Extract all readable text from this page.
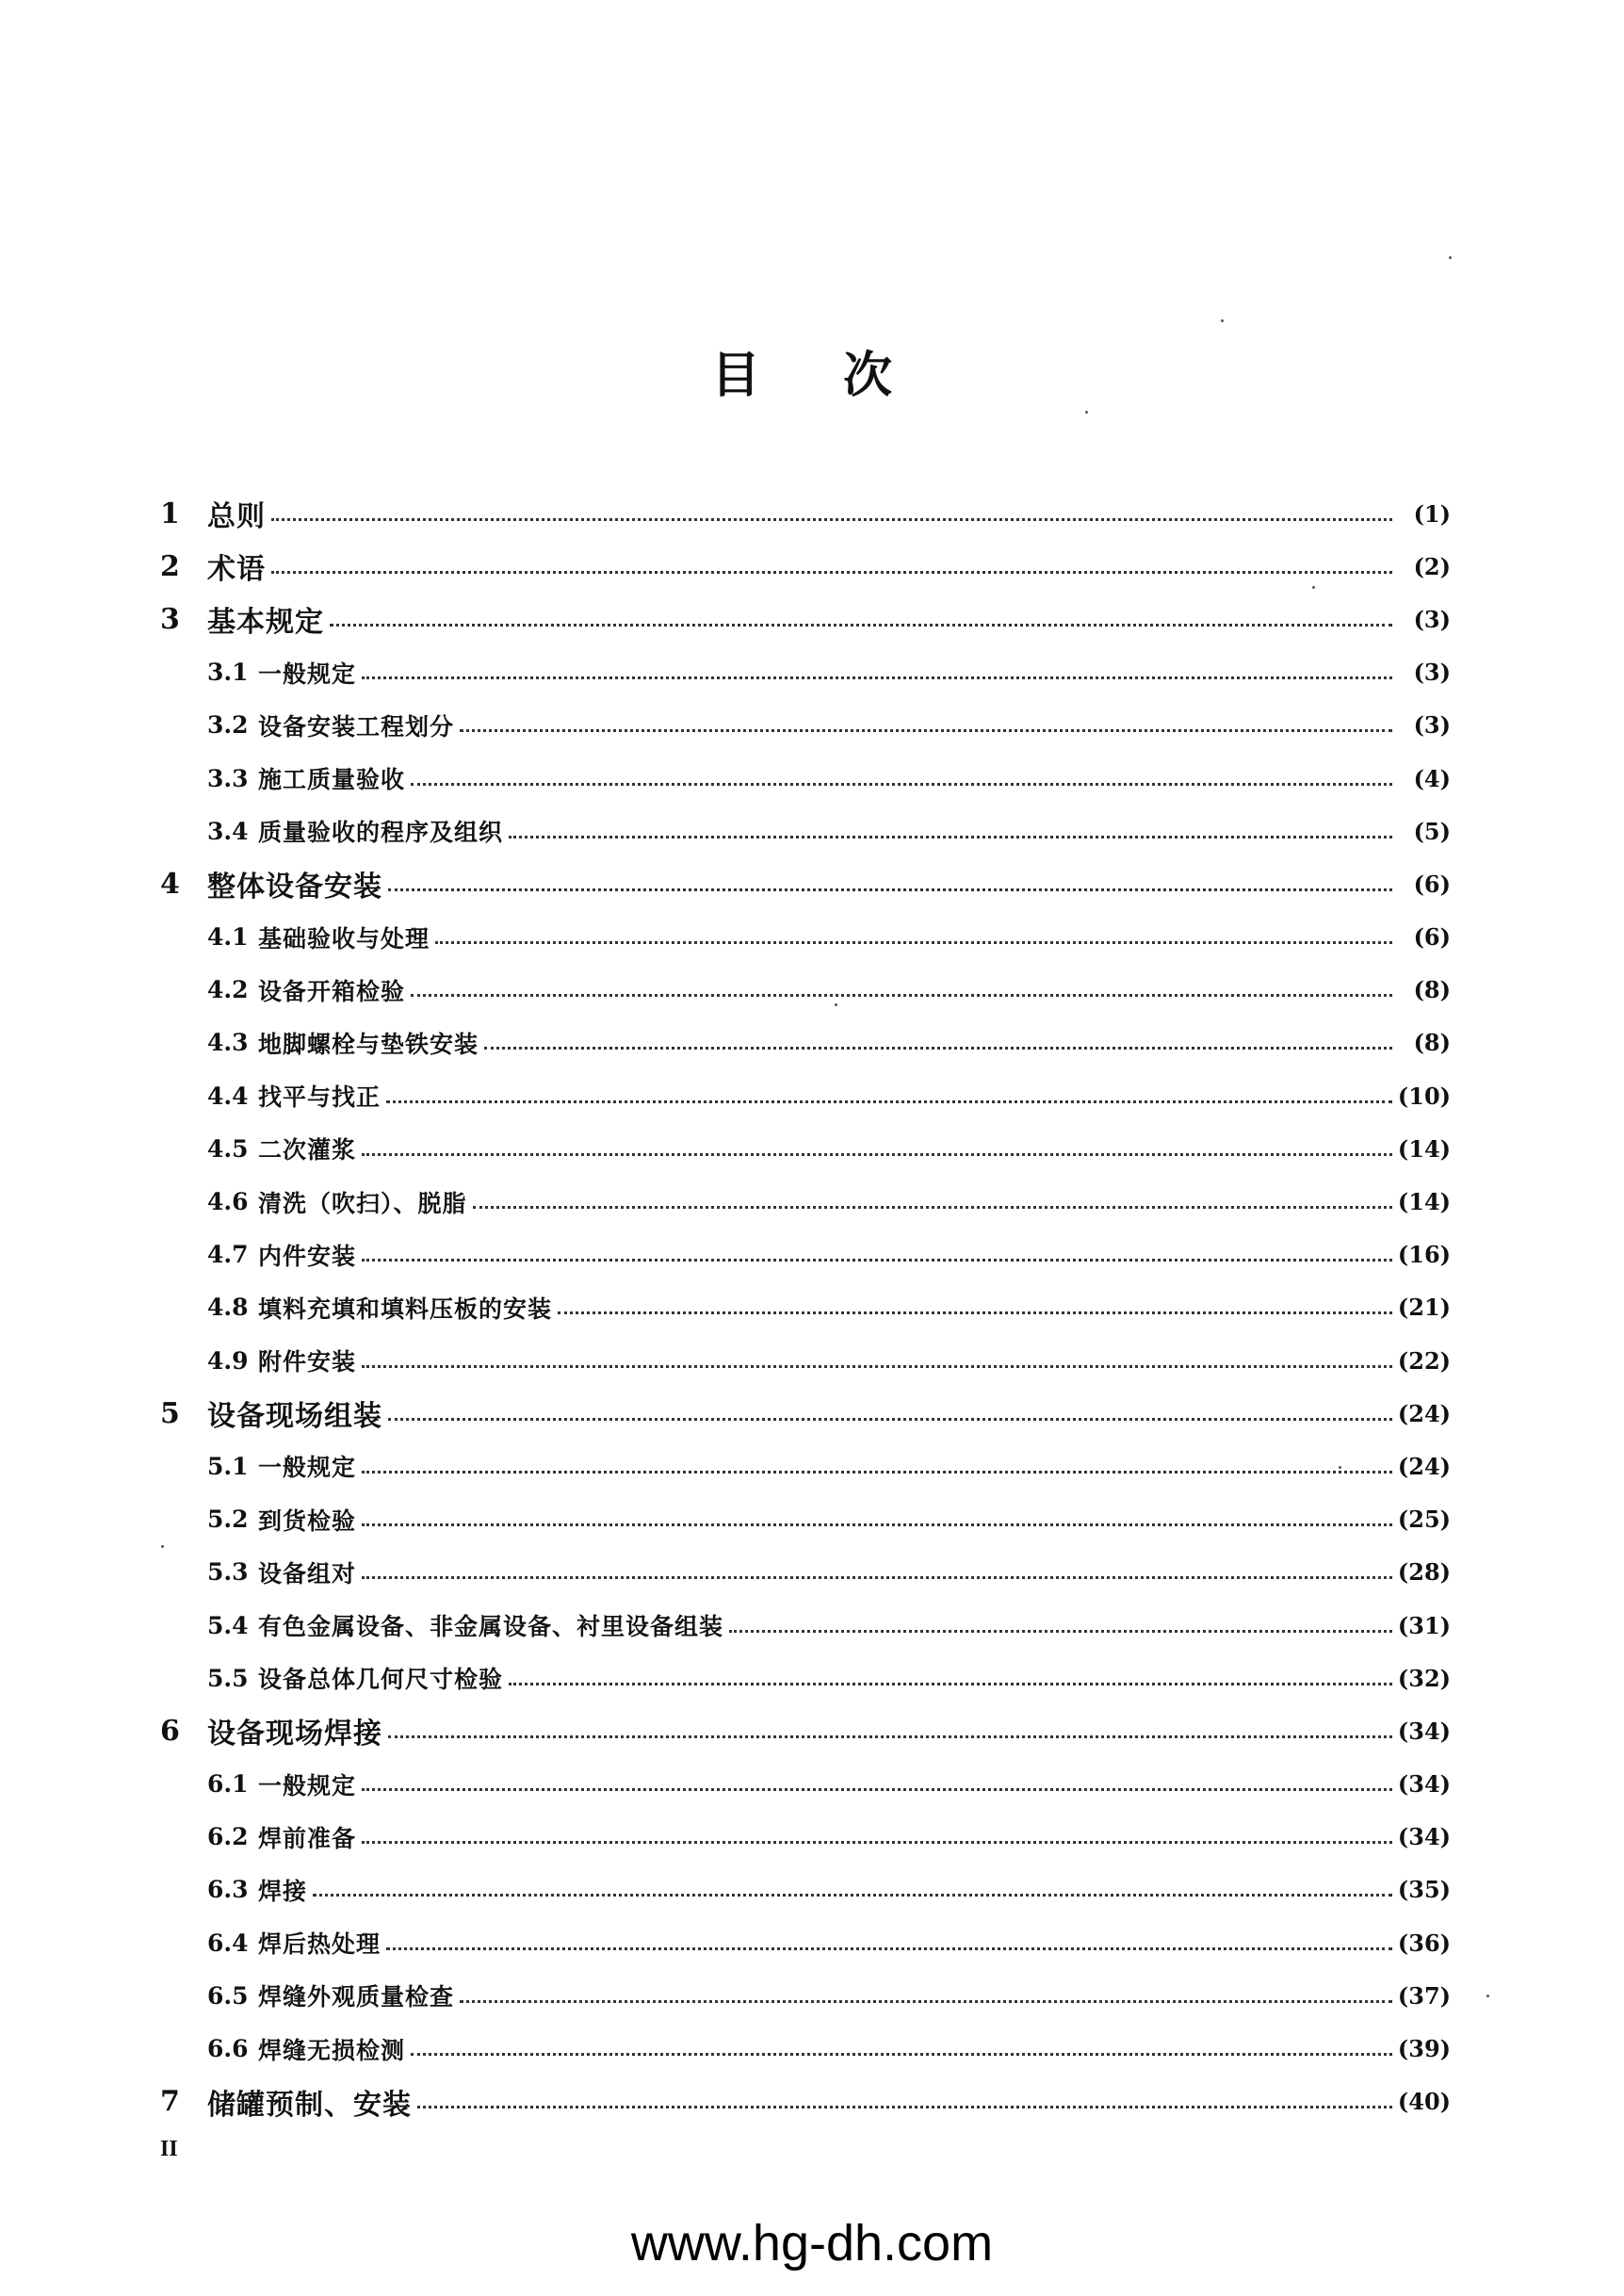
目 次
1 总则	(1)
2 术语	(2)
3 基本规定	(3)
3.1 一般规定	(3)
3.2 设备安装工程划分	(3)
3.3 施工质量验收	(4)
3.4 质量验收的程序及组织	(5)
4 整体设备安装	(6)
4.1 基础验收与处理	(6)
4.2 设备开箱检验	(8)
4.3 地脚螺栓与垫铁安装	(8)
4.4 找平与找正	(10)
4.5 二次灌浆	(14)
4.6 清洗（吹扫）、脱脂	(14)
4.7 内件安装	(16)
4.8 填料充填和填料压板的安装	(21)
4.9 附件安装	(22)
5 设备现场组装	(24)
5.1 一般规定	(24)
5.2 到货检验	(25)
5.3 设备组对	(28)
5.4 有色金属设备、非金属设备、衬里设备组装	(31)
5.5 设备总体几何尺寸检验	(32)
6 设备现场焊接	(34)
6.1 一般规定	(34)
6.2 焊前准备	(34)
6.3 焊接	(35)
6.4 焊后热处理	(36)
6.5 焊缝外观质量检查	(37)
6.6 焊缝无损检测	(39)
7 储罐预制、安装	(40)
II
www.hg-dh.com
